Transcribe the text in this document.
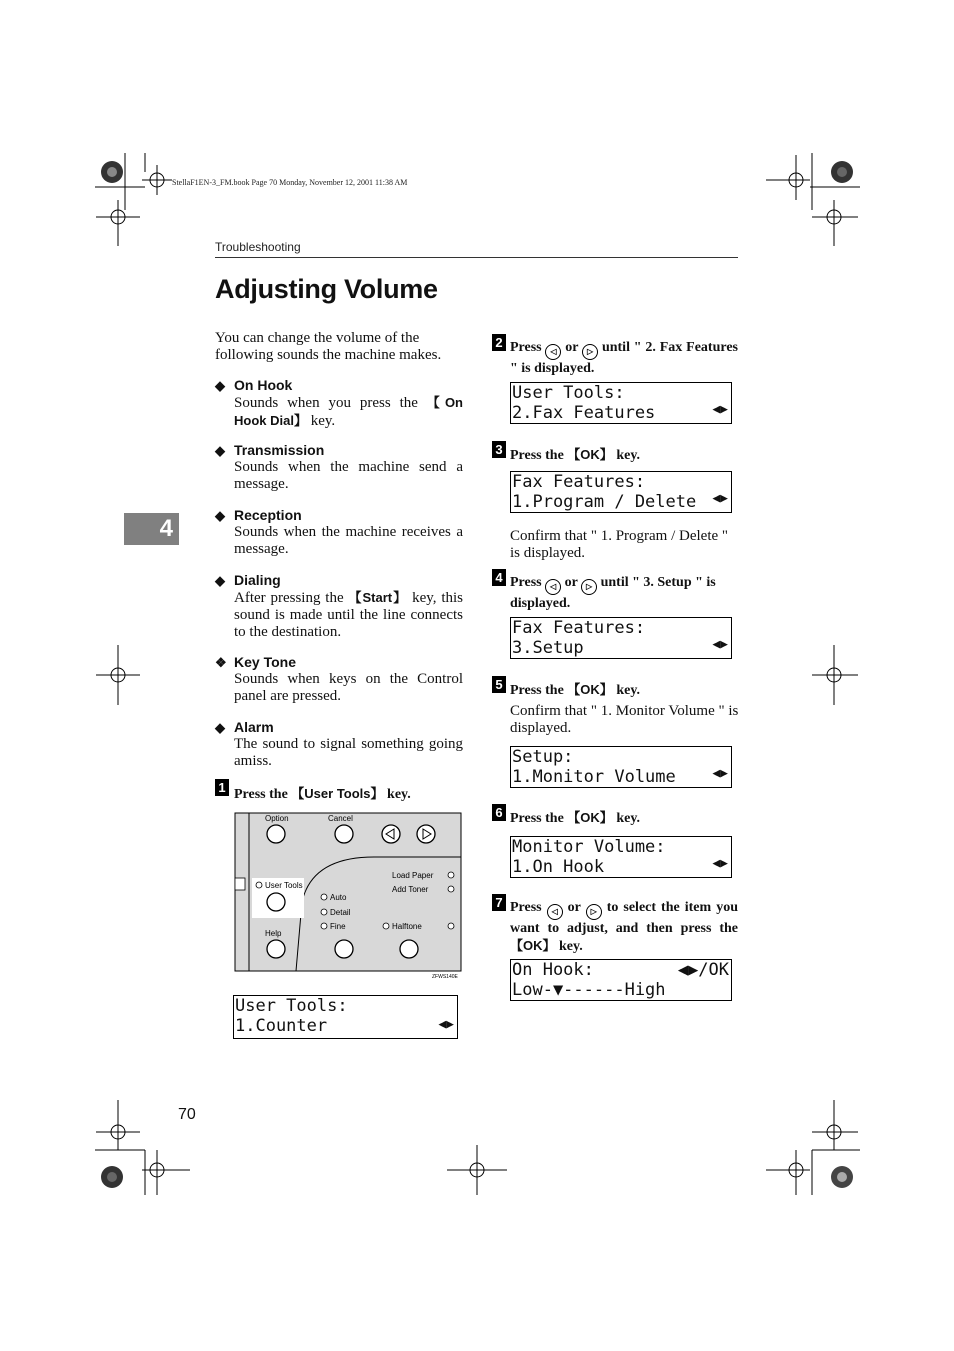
StellaF1EN-3_FM.book Page 70 Monday, November 12, 2001 11:38 AM
Troubleshooting
Adjusting Volume
4
You can change the volume of the following sounds the machine makes.
◆ On Hook
Sounds when you press the 【On Hook Dial】 key.
◆ Transmission
Sounds when the machine send a message.
◆ Reception
Sounds when the machine receives a message.
◆ Dialing
After pressing the 【Start】 key, this sound is made until the line connects to the destination.
❖ Key Tone
Sounds when keys on the Control panel are pressed.
◆ Alarm
The sound to signal something going amiss.
1 Press the 【User Tools】 key.
Option	Cancel
User Tools
Auto
Detail
Fine	Halftone
Help
Load Paper
Add Toner
ZFWS140E
User Tools:
1.Counter	◀▶
2 Press ◁ or ▷ until " 2. Fax Features " is displayed.
User Tools:
2.Fax Features	◀▶
3 Press the 【OK】 key.
Fax Features:
1.Program / Delete	◀▶
Confirm that " 1. Program / Delete " is displayed.
4 Press ◁ or ▷ until " 3. Setup " is displayed.
Fax Features:
3.Setup	◀▶
5 Press the 【OK】 key.
Confirm that " 1. Monitor Volume " is displayed.
Setup:
1.Monitor Volume	◀▶
6 Press the 【OK】 key.
Monitor Volume:
1.On Hook	◀▶
7 Press ◁ or ▷ to select the item you want to adjust, and then press the 【OK】 key.
On Hook:	◀▶/OK
Low-▼------High
70
